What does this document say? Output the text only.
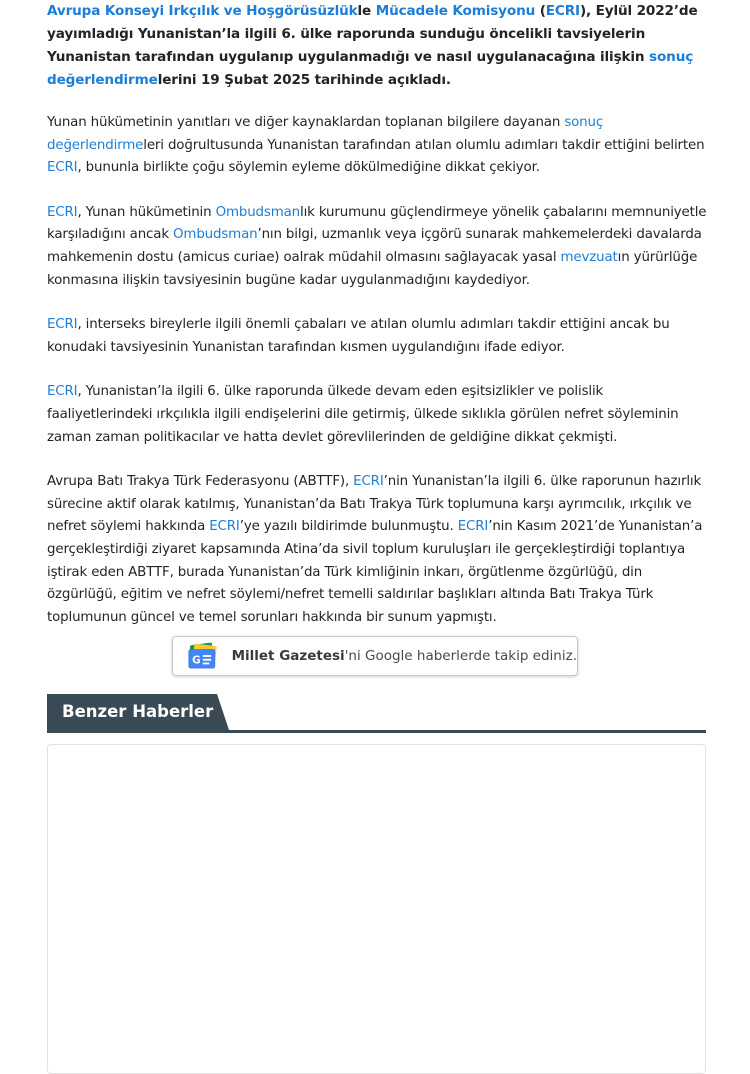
Avrupa Konseyi Irkçılık ve Hoşgörüsüzlükle Mücadele Komisyonu (ECRI), Eylül 2022’de yayımladığı Yunanistan’la ilgili 6. ülke raporunda sunduğu öncelikli tavsiyelerin Yunanistan tarafından uygulanıp uygulanmadığı ve nasıl uygulanacağına ilişkin sonuç değerlendirmelerini 19 Şubat 2025 tarihinde açıkladı.

Yunan hükümetinin yanıtları ve diğer kaynaklardan toplanan bilgilere dayanan sonuç değerlendirmeleri doğrultusunda Yunanistan tarafından atılan olumlu adımları takdir ettiğini belirten ECRI, bununla birlikte çoğu söylemin eyleme dökülmediğine dikkat çekiyor.

ECRI, Yunan hükümetinin Ombudsmanlık kurumunu güçlendirmeye yönelik çabalarını memnuniyetle karşıladığını ancak Ombudsman’nın bilgi, uzmanlık veya içgörü sunarak mahkemelerdeki davalarda mahkemenin dostu (amicus curiae) oalrak müdahil olmasını sağlayacak yasal mevzuatın yürürlüğe konmasına ilişkin tavsiyesinin bugüne kadar uygulanmadığını kaydediyor.

ECRI, interseks bireylerle ilgili önemli çabaları ve atılan olumlu adımları takdir ettiğini ancak bu konudaki tavsiyesinin Yunanistan tarafından kısmen uygulandığını ifade ediyor.

ECRI, Yunanistan’la ilgili 6. ülke raporunda ülkede devam eden eşitsizlikler ve polislik faaliyetlerindeki ırkçılıkla ilgili endişelerini dile getirmiş, ülkede sıklıkla görülen nefret söyleminin zaman zaman politikacılar ve hatta devlet görevlilerinden de geldiğine dikkat çekmişti.

Avrupa Batı Trakya Türk Federasyonu (ABTTF), ECRI’nin Yunanistan’la ilgili 6. ülke raporunun hazırlık sürecine aktif olarak katılmış, Yunanistan’da Batı Trakya Türk toplumuna karşı ayrımcılık, ırkçılık ve nefret söylemi hakkında ECRI’ye yazılı bildirimde bulunmuştu. ECRI’nin Kasım 2021’de Yunanistan’a gerçekleştirdiği ziyaret kapsamında Atina’da sivil toplum kuruluşları ile gerçekleştirdiği toplantıya iştirak eden ABTTF, burada Yunanistan’da Türk kimliğinin inkarı, örgütlenme özgürlüğü, din özgürlüğü, eğitim ve nefret söylemi/nefret temelli saldırılar başlıkları altında Batı Trakya Türk toplumunun güncel ve temel sorunları hakkında bir sunum yapmıştı.

G Millet Gazetesi'ni Google haberlerde takip ediniz.
Benzer Haberler
